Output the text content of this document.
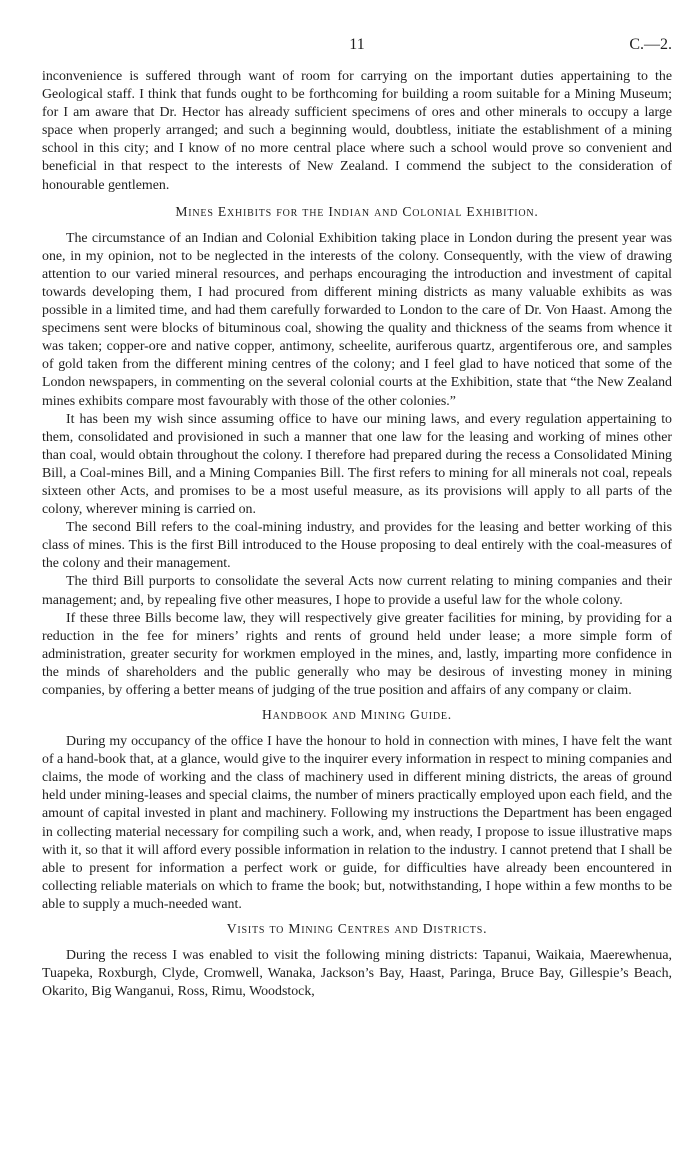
11	C.—2.

inconvenience is suffered through want of room for carrying on the important duties appertaining to the Geological staff. I think that funds ought to be forthcoming for building a room suitable for a Mining Museum; for I am aware that Dr. Hector has already sufficient specimens of ores and other minerals to occupy a large space when properly arranged; and such a beginning would, doubtless, initiate the establishment of a mining school in this city; and I know of no more central place where such a school would prove so convenient and beneficial in that respect to the interests of New Zealand. I commend the subject to the consideration of honourable gentlemen.

Mines Exhibits for the Indian and Colonial Exhibition.

The circumstance of an Indian and Colonial Exhibition taking place in London during the present year was one, in my opinion, not to be neglected in the interests of the colony. Consequently, with the view of drawing attention to our varied mineral resources, and perhaps encouraging the introduction and investment of capital towards developing them, I had procured from different mining districts as many valuable exhibits as was possible in a limited time, and had them carefully forwarded to London to the care of Dr. Von Haast. Among the specimens sent were blocks of bituminous coal, showing the quality and thickness of the seams from whence it was taken; copper-ore and native copper, antimony, scheelite, auriferous quartz, argentiferous ore, and samples of gold taken from the different mining centres of the colony; and I feel glad to have noticed that some of the London newspapers, in commenting on the several colonial courts at the Exhibition, state that “the New Zealand mines exhibits compare most favourably with those of the other colonies.”

It has been my wish since assuming office to have our mining laws, and every regulation appertaining to them, consolidated and provisioned in such a manner that one law for the leasing and working of mines other than coal, would obtain throughout the colony. I therefore had prepared during the recess a Consolidated Mining Bill, a Coal-mines Bill, and a Mining Companies Bill. The first refers to mining for all minerals not coal, repeals sixteen other Acts, and promises to be a most useful measure, as its provisions will apply to all parts of the colony, wherever mining is carried on.

The second Bill refers to the coal-mining industry, and provides for the leasing and better working of this class of mines. This is the first Bill introduced to the House proposing to deal entirely with the coal-measures of the colony and their management.

The third Bill purports to consolidate the several Acts now current relating to mining companies and their management; and, by repealing five other measures, I hope to provide a useful law for the whole colony.

If these three Bills become law, they will respectively give greater facilities for mining, by providing for a reduction in the fee for miners’ rights and rents of ground held under lease; a more simple form of administration, greater security for workmen employed in the mines, and, lastly, imparting more confidence in the minds of shareholders and the public generally who may be desirous of investing money in mining companies, by offering a better means of judging of the true position and affairs of any company or claim.

Handbook and Mining Guide.

During my occupancy of the office I have the honour to hold in connection with mines, I have felt the want of a hand-book that, at a glance, would give to the inquirer every information in respect to mining companies and claims, the mode of working and the class of machinery used in different mining districts, the areas of ground held under mining-leases and special claims, the number of miners practically employed upon each field, and the amount of capital invested in plant and machinery. Following my instructions the Department has been engaged in collecting material necessary for compiling such a work, and, when ready, I propose to issue illustrative maps with it, so that it will afford every possible information in relation to the industry. I cannot pretend that I shall be able to present for information a perfect work or guide, for difficulties have already been encountered in collecting reliable materials on which to frame the book; but, notwithstanding, I hope within a few months to be able to supply a much-needed want.

Visits to Mining Centres and Districts.

During the recess I was enabled to visit the following mining districts: Tapanui, Waikaia, Maerewhenua, Tuapeka, Roxburgh, Clyde, Cromwell, Wanaka, Jackson’s Bay, Haast, Paringa, Bruce Bay, Gillespie’s Beach, Okarito, Big Wanganui, Ross, Rimu, Woodstock,
